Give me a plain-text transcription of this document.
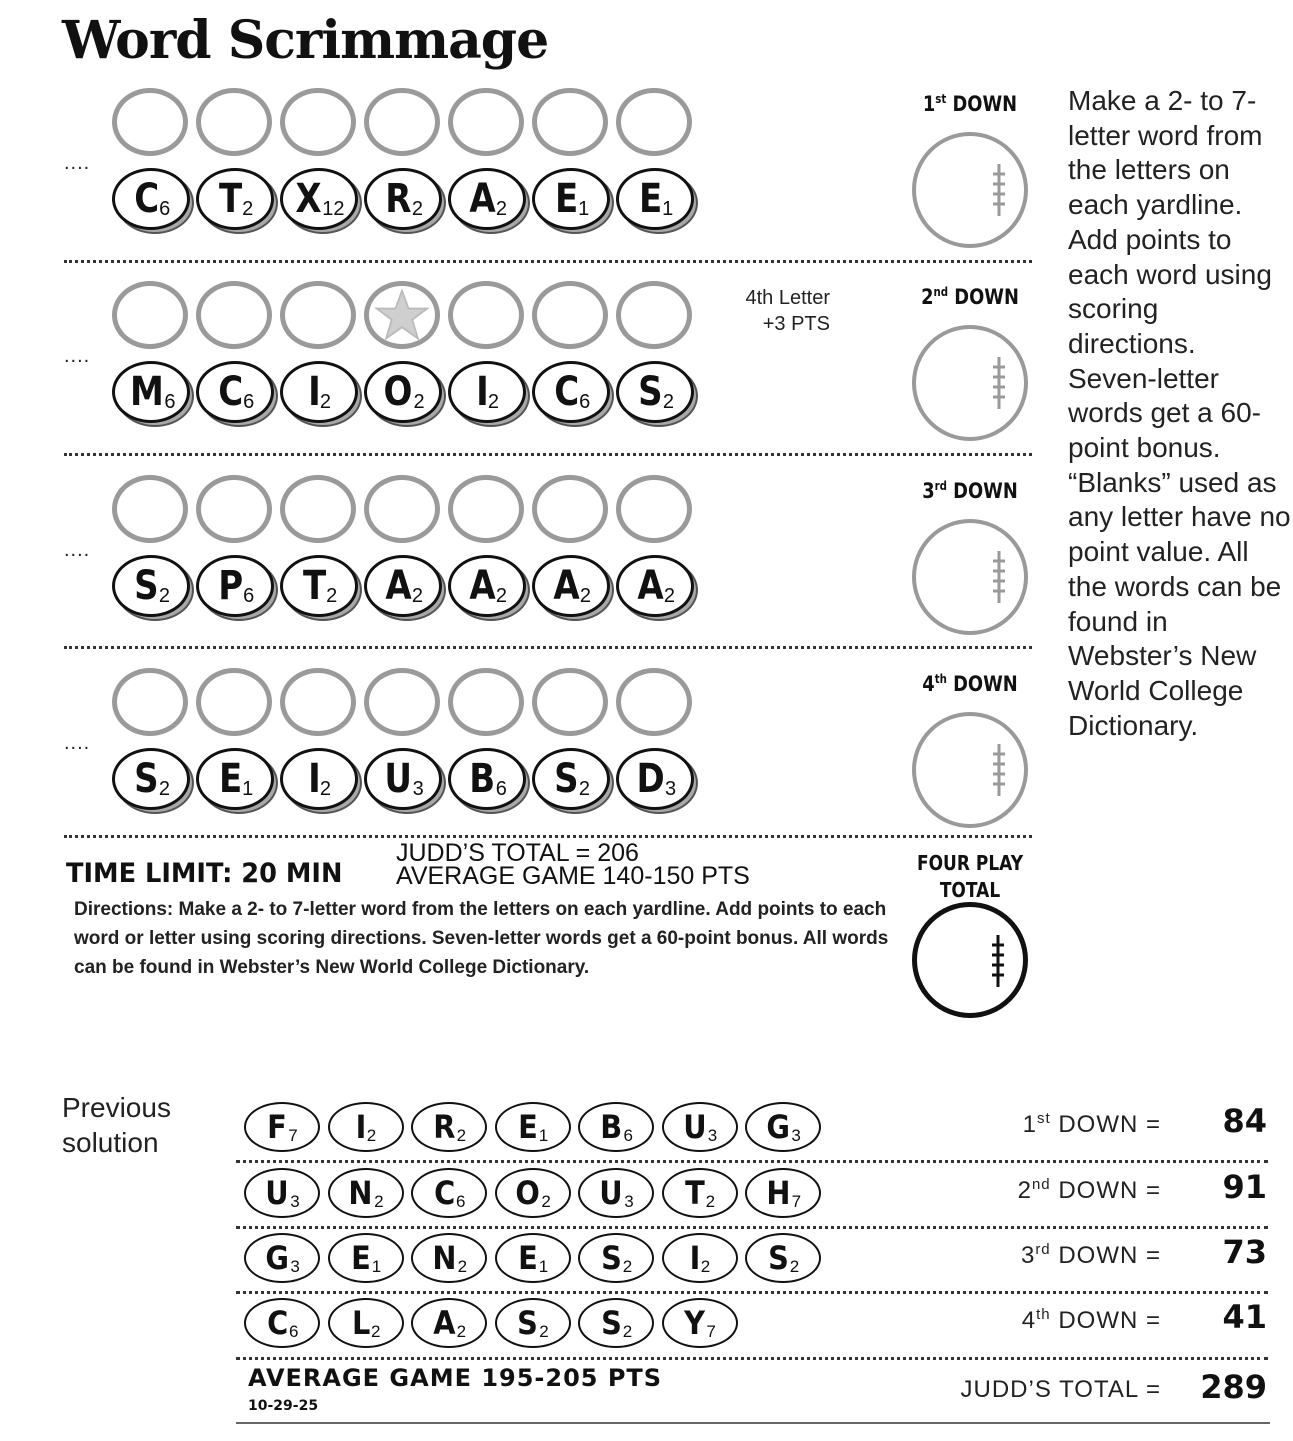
Word Scrimmage
....
C 6 T 2 X 12 R 2 A 2 E 1 E 1
1st DOWN
....
M 6 C 6 I 2 O 2 I 2 C 6 S 2
2nd DOWN
4th Letter
+3 PTS
....
S 2 P 6 T 2 A 2 A 2 A 2 A 2
3rd DOWN
....
S 2 E 1 I 2 U 3 B 6 S 2 D 3
4th DOWN
Make a 2- to 7-letter word from the letters on each yardline. Add points to each word using scoring directions. Seven-letter words get a 60-point bonus. “Blanks” used as any letter have no point value. All the words can be found in Webster’s New World College Dictionary.
TIME LIMIT: 20 MIN
JUDD’S TOTAL = 206
AVERAGE GAME 140-150 PTS
Directions: Make a 2- to 7-letter word from the letters on each yardline. Add points to each word or letter using scoring directions. Seven-letter words get a 60-point bonus. All words can be found in Webster’s New World College Dictionary.
FOUR PLAY
TOTAL
Previous
solution	F 7 I 2 R 2 E 1 B 6 U 3 G 3	1st DOWN = 84
U 3 N 2 C 6 O 2 U 3 T 2 H 7	2nd DOWN = 91
G 3 E 1 N 2 E 1 S 2 I 2 S 2	3rd DOWN = 73
C 6 L 2 A 2 S 2 S 2 Y 7	4th DOWN = 41
AVERAGE GAME 195-205 PTS
10-29-25
JUDD’S TOTAL = 289
